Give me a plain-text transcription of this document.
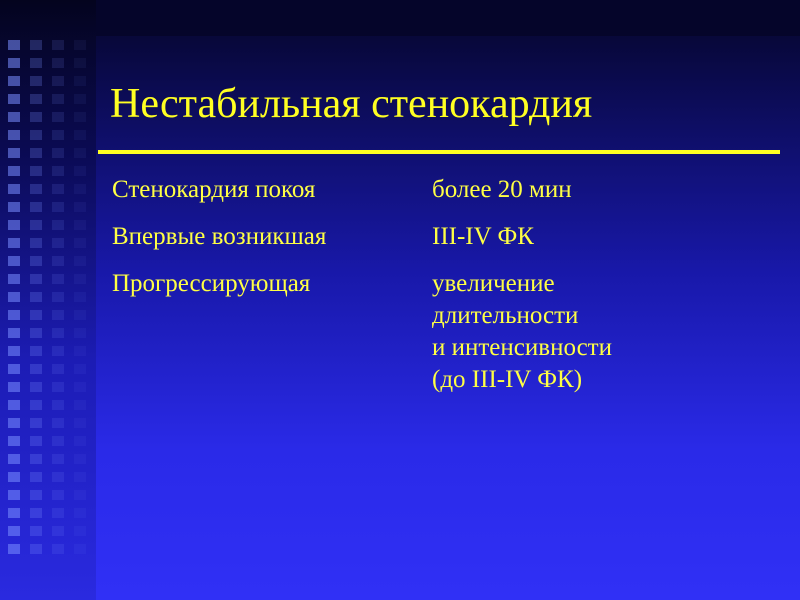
Нестабильная стенокардия
Стенокардия покоя	более 20 мин
Впервые возникшая	III-IV ФК
Прогрессирующая	увеличение
длительности
и интенсивности
(до III-IV ФК)
